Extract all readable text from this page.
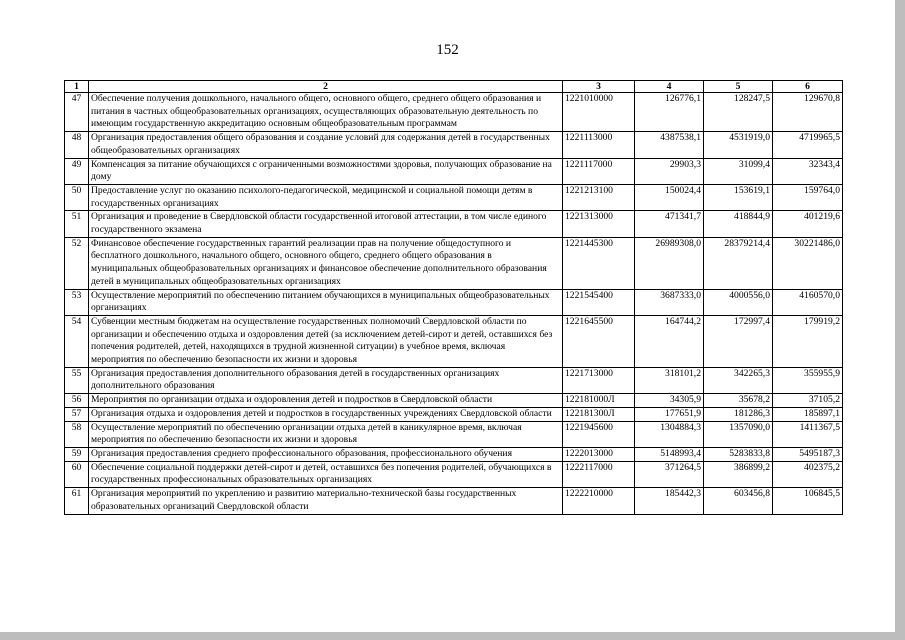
152
1	2	3	4	5	6
47	Обеспечение получения дошкольного, начального общего, основного общего, среднего общего образования и питания в частных общеобразовательных организациях, осуществляющих образовательную деятельность по имеющим государственную аккредитацию основным общеобразовательным программам	1221010000	126776,1	128247,5	129670,8
48	Организация предоставления общего образования и создание условий для содержания детей в государственных общеобразовательных организациях	1221113000	4387538,1	4531919,0	4719965,5
49	Компенсация за питание обучающихся с ограниченными возможностями здоровья, получающих образование на дому	1221117000	29903,3	31099,4	32343,4
50	Предоставление услуг по оказанию психолого-педагогической, медицинской и социальной помощи детям в государственных организациях	1221213100	150024,4	153619,1	159764,0
51	Организация и проведение в Свердловской области государственной итоговой аттестации, в том числе единого государственного экзамена	1221313000	471341,7	418844,9	401219,6
52	Финансовое обеспечение государственных гарантий реализации прав на получение общедоступного и бесплатного дошкольного, начального общего, основного общего, среднего общего образования в муниципальных общеобразовательных организациях и финансовое обеспечение дополнительного образования детей в муниципальных общеобразовательных организациях	1221445300	26989308,0	28379214,4	30221486,0
53	Осуществление мероприятий по обеспечению питанием обучающихся в муниципальных общеобразовательных организациях	1221545400	3687333,0	4000556,0	4160570,0
54	Субвенции местным бюджетам на осуществление государственных полномочий Свердловской области по организации и обеспечению отдыха и оздоровления детей (за исключением детей-сирот и детей, оставшихся без попечения родителей, детей, находящихся в трудной жизненной ситуации) в учебное время, включая мероприятия по обеспечению безопасности их жизни и здоровья	1221645500	164744,2	172997,4	179919,2
55	Организация предоставления дополнительного образования детей в государственных организациях дополнительного образования	1221713000	318101,2	342265,3	355955,9
56	Мероприятия по организации отдыха и оздоровления детей и подростков в Свердловской области	122181000Л	34305,9	35678,2	37105,2
57	Организация отдыха и оздоровления детей и подростков в государственных учреждениях Свердловской области	122181300Л	177651,9	181286,3	185897,1
58	Осуществление мероприятий по обеспечению организации отдыха детей в каникулярное время, включая мероприятия по обеспечению безопасности их жизни и здоровья	1221945600	1304884,3	1357090,0	1411367,5
59	Организация предоставления среднего профессионального образования, профессионального обучения	1222013000	5148993,4	5283833,8	5495187,3
60	Обеспечение социальной поддержки детей-сирот и детей, оставшихся без попечения родителей, обучающихся в государственных профессиональных образовательных организациях	1222117000	371264,5	386899,2	402375,2
61	Организация мероприятий по укреплению и развитию материально-технической базы государственных образовательных организаций Свердловской области	1222210000	185442,3	603456,8	106845,5
